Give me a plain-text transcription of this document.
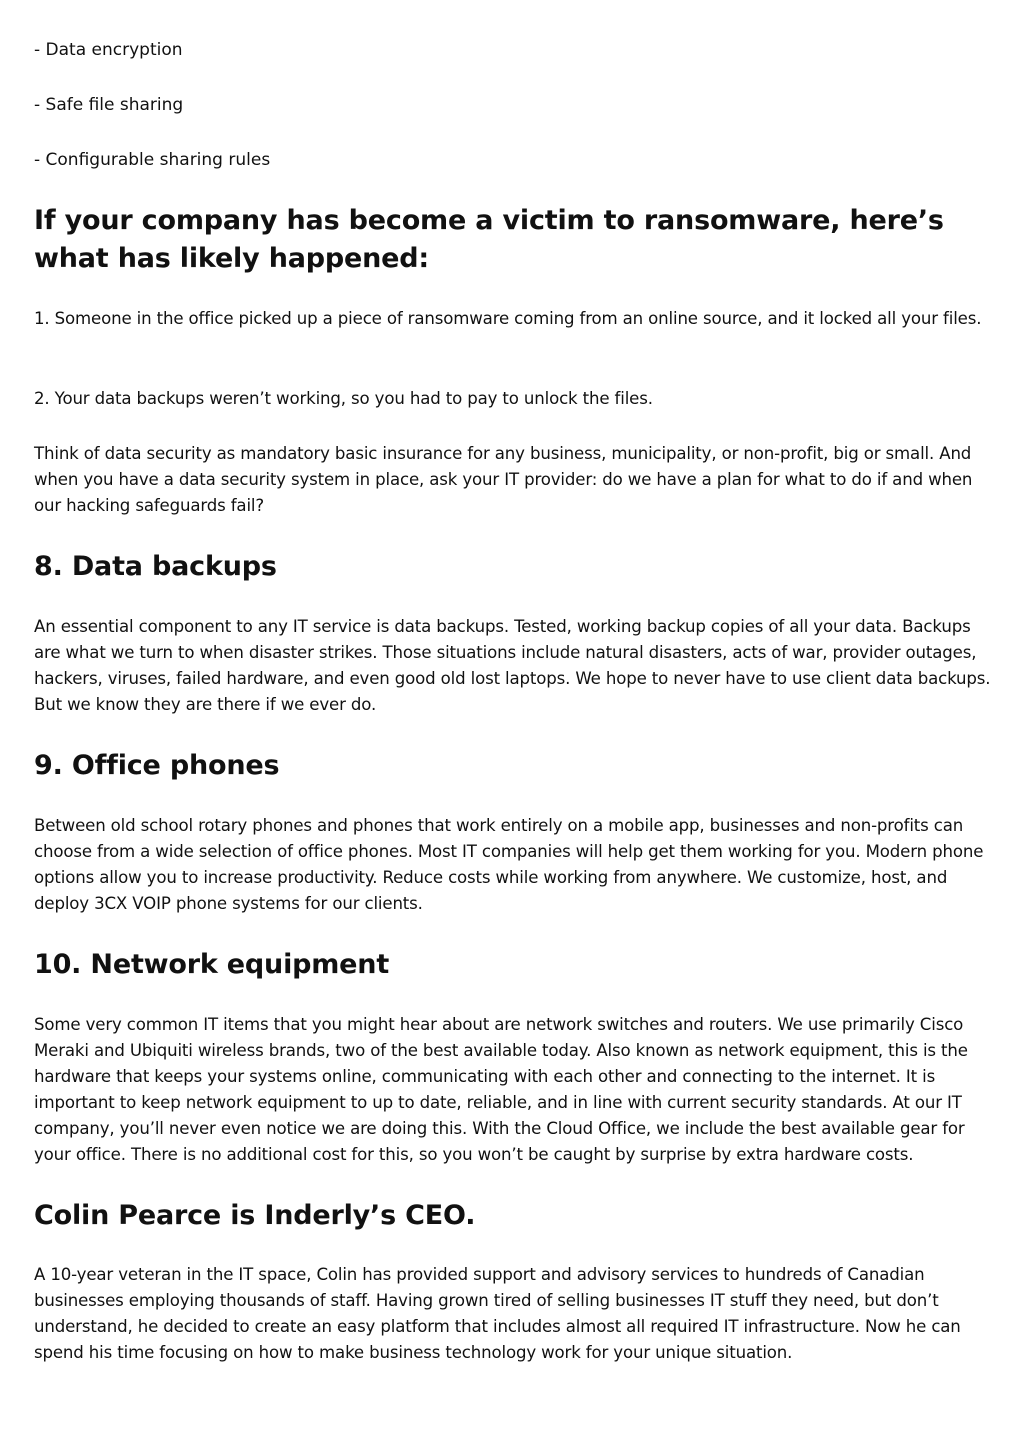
- Data encryption

- Safe file sharing

- Configurable sharing rules

If your company has become a victim to ransomware, here’s what has likely happened:

1. Someone in the office picked up a piece of ransomware coming from an online source, and it locked all your files.

2. Your data backups weren’t working, so you had to pay to unlock the files.

Think of data security as mandatory basic insurance for any business, municipality, or non-profit, big or small. And when you have a data security system in place, ask your IT provider: do we have a plan for what to do if and when our hacking safeguards fail?

8. Data backups

An essential component to any IT service is data backups. Tested, working backup copies of all your data. Backups are what we turn to when disaster strikes. Those situations include natural disasters, acts of war, provider outages, hackers, viruses, failed hardware, and even good old lost laptops. We hope to never have to use client data backups. But we know they are there if we ever do.

9. Office phones

Between old school rotary phones and phones that work entirely on a mobile app, businesses and non-profits can choose from a wide selection of office phones. Most IT companies will help get them working for you. Modern phone options allow you to increase productivity. Reduce costs while working from anywhere. We customize, host, and deploy 3CX VOIP phone systems for our clients.

10. Network equipment

Some very common IT items that you might hear about are network switches and routers. We use primarily Cisco Meraki and Ubiquiti wireless brands, two of the best available today. Also known as network equipment, this is the hardware that keeps your systems online, communicating with each other and connecting to the internet. It is important to keep network equipment to up to date, reliable, and in line with current security standards. At our IT company, you’ll never even notice we are doing this. With the Cloud Office, we include the best available gear for your office. There is no additional cost for this, so you won’t be caught by surprise by extra hardware costs.

Colin Pearce is Inderly’s CEO.

A 10-year veteran in the IT space, Colin has provided support and advisory services to hundreds of Canadian businesses employing thousands of staff. Having grown tired of selling businesses IT stuff they need, but don’t understand, he decided to create an easy platform that includes almost all required IT infrastructure. Now he can spend his time focusing on how to make business technology work for your unique situation.
